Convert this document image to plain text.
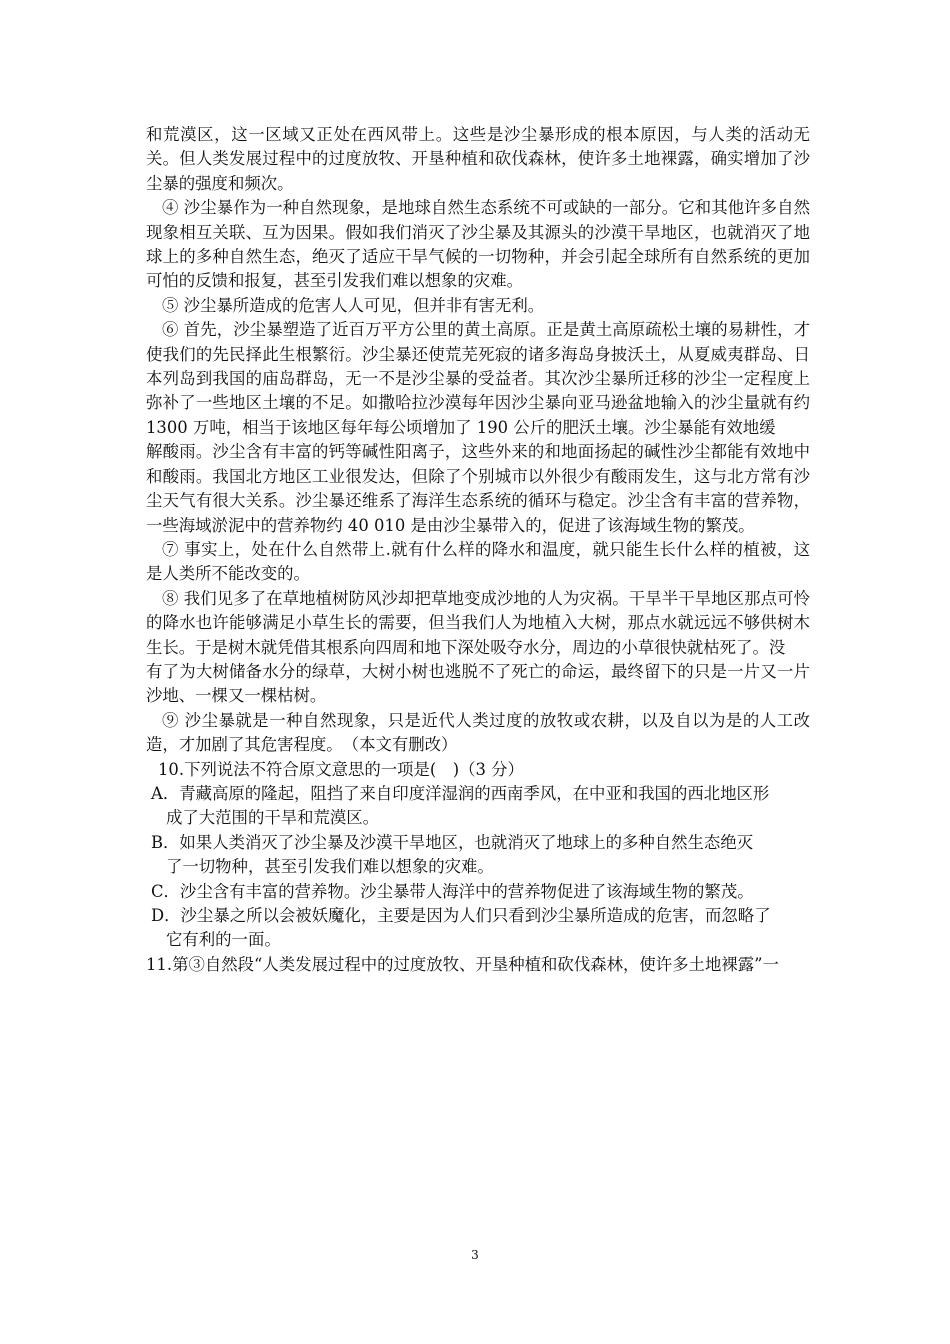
和荒漠区，这一区域又正处在西风带上。这些是沙尘暴形成的根本原因，与人类的活动无关。但人类发展过程中的过度放牧、开垦种植和砍伐森林，使许多土地裸露，确实增加了沙尘暴的强度和频次。

④ 沙尘暴作为一种自然现象，是地球自然生态系统不可或缺的一部分。它和其他许多自然现象相互关联、互为因果。假如我们消灭了沙尘暴及其源头的沙漠干旱地区，也就消灭了地球上的多种自然生态，绝灭了适应干旱气候的一切物种，并会引起全球所有自然系统的更加可怕的反馈和报复，甚至引发我们难以想象的灾难。

⑤ 沙尘暴所造成的危害人人可见，但并非有害无利。

⑥ 首先，沙尘暴塑造了近百万平方公里的黄土高原。正是黄土高原疏松土壤的易耕性，才使我们的先民择此生根繁衍。沙尘暴还使荒芜死寂的诸多海岛身披沃土，从夏威夷群岛、日本列岛到我国的庙岛群岛，无一不是沙尘暴的受益者。其次沙尘暴所迁移的沙尘一定程度上弥补了一些地区土壤的不足。如撒哈拉沙漠每年因沙尘暴向亚马逊盆地输入的沙尘量就有约 1300 万吨，相当于该地区每年每公顷增加了 190 公斤的肥沃土壤。沙尘暴能有效地缓

解酸雨。沙尘含有丰富的钙等碱性阳离子，这些外来的和地面扬起的碱性沙尘都能有效地中和酸雨。我国北方地区工业很发达，但除了个别城市以外很少有酸雨发生，这与北方常有沙尘天气有很大关系。沙尘暴还维系了海洋生态系统的循环与稳定。沙尘含有丰富的营养物，一些海域淤泥中的营养物约 40 010 是由沙尘暴带入的，促进了该海域生物的繁茂。

⑦ 事实上，处在什么自然带上.就有什么样的降水和温度，就只能生长什么样的植被，这是人类所不能改变的。

⑧ 我们见多了在草地植树防风沙却把草地变成沙地的人为灾祸。干旱半干旱地区那点可怜的降水也许能够满足小草生长的需要，但当我们人为地植入大树，那点水就远远不够供树木生长。于是树木就凭借其根系向四周和地下深处吸夺水分，周边的小草很快就枯死了。没

有了为大树储备水分的绿草，大树小树也逃脱不了死亡的命运，最终留下的只是一片又一片沙地、一棵又一棵枯树。

⑨ 沙尘暴就是一种自然现象，只是近代人类过度的放牧或农耕，以及自以为是的人工改造，才加剧了其危害程度。　（本文有删改）

10.下列说法不符合原文意思的一项是(　)（3 分）

A．青藏高原的隆起，阻挡了来自印度洋湿润的西南季风，在中亚和我国的西北地区形

成了大范围的干旱和荒漠区。

B．如果人类消灭了沙尘暴及沙漠干旱地区，也就消灭了地球上的多种自然生态绝灭

了一切物种，甚至引发我们难以想象的灾难。

C．沙尘含有丰富的营养物。沙尘暴带人海洋中的营养物促进了该海域生物的繁茂。

D．沙尘暴之所以会被妖魔化，主要是因为人们只看到沙尘暴所造成的危害，而忽略了

它有利的一面。

11.第③自然段“人类发展过程中的过度放牧、开垦种植和砍伐森林，使许多土地裸露”一

3
